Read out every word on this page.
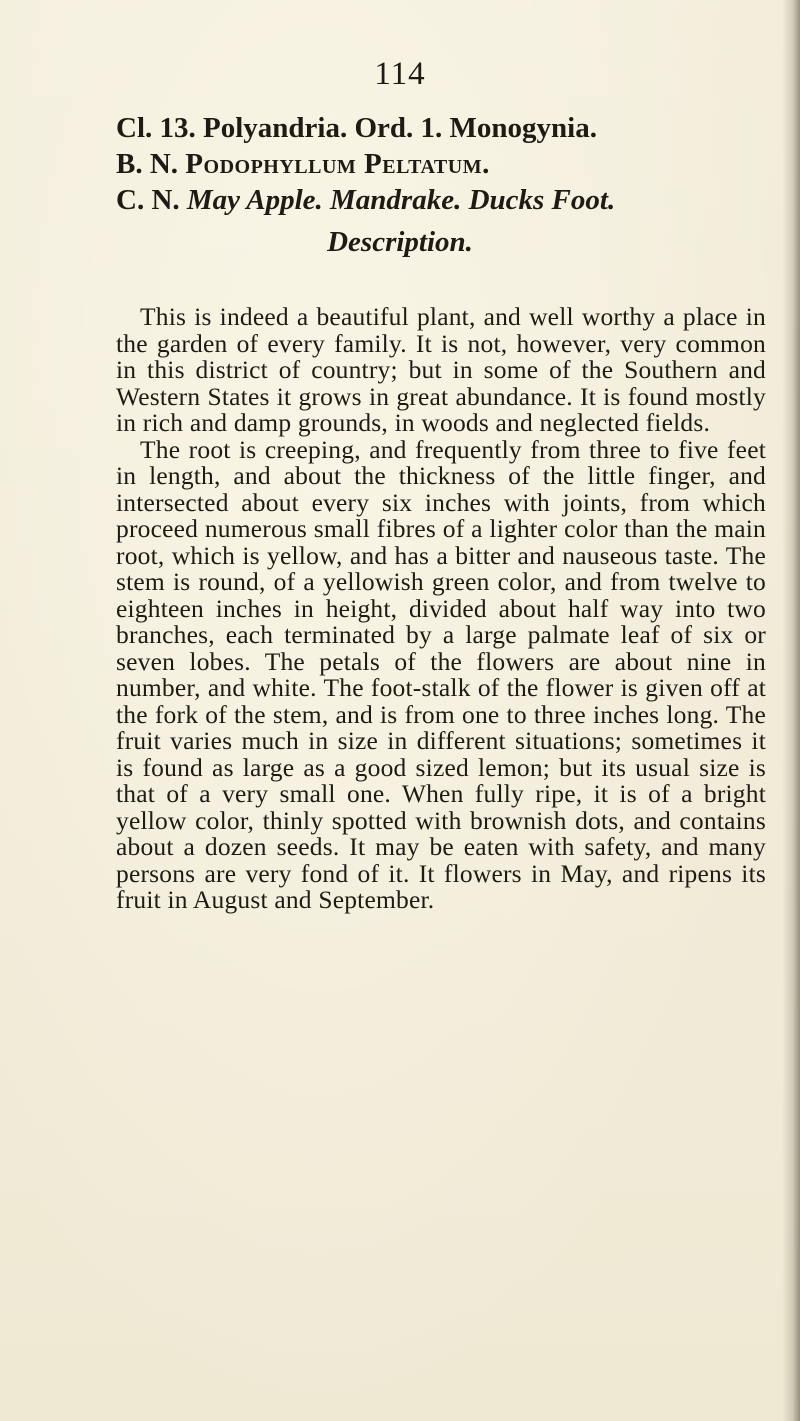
114
Cl. 13. Polyandria. Ord. 1. Monogynia.
B. N. Podophyllum Peltatum.
C. N. May Apple. Mandrake. Ducks Foot.
Description.

This is indeed a beautiful plant, and well worthy a place in the garden of every family. It is not, however, very common in this district of country; but in some of the Southern and Western States it grows in great abundance. It is found mostly in rich and damp grounds, in woods and neglected fields.

The root is creeping, and frequently from three to five feet in length, and about the thickness of the little finger, and intersected about every six inches with joints, from which proceed numerous small fibres of a lighter color than the main root, which is yellow, and has a bitter and nauseous taste. The stem is round, of a yellowish green color, and from twelve to eighteen inches in height, divided about half way into two branches, each terminated by a large palmate leaf of six or seven lobes. The petals of the flowers are about nine in number, and white. The foot-stalk of the flower is given off at the fork of the stem, and is from one to three inches long. The fruit varies much in size in different situations; sometimes it is found as large as a good sized lemon; but its usual size is that of a very small one. When fully ripe, it is of a bright yellow color, thinly spotted with brownish dots, and contains about a dozen seeds. It may be eaten with safety, and many persons are very fond of it. It flowers in May, and ripens its fruit in August and September.
